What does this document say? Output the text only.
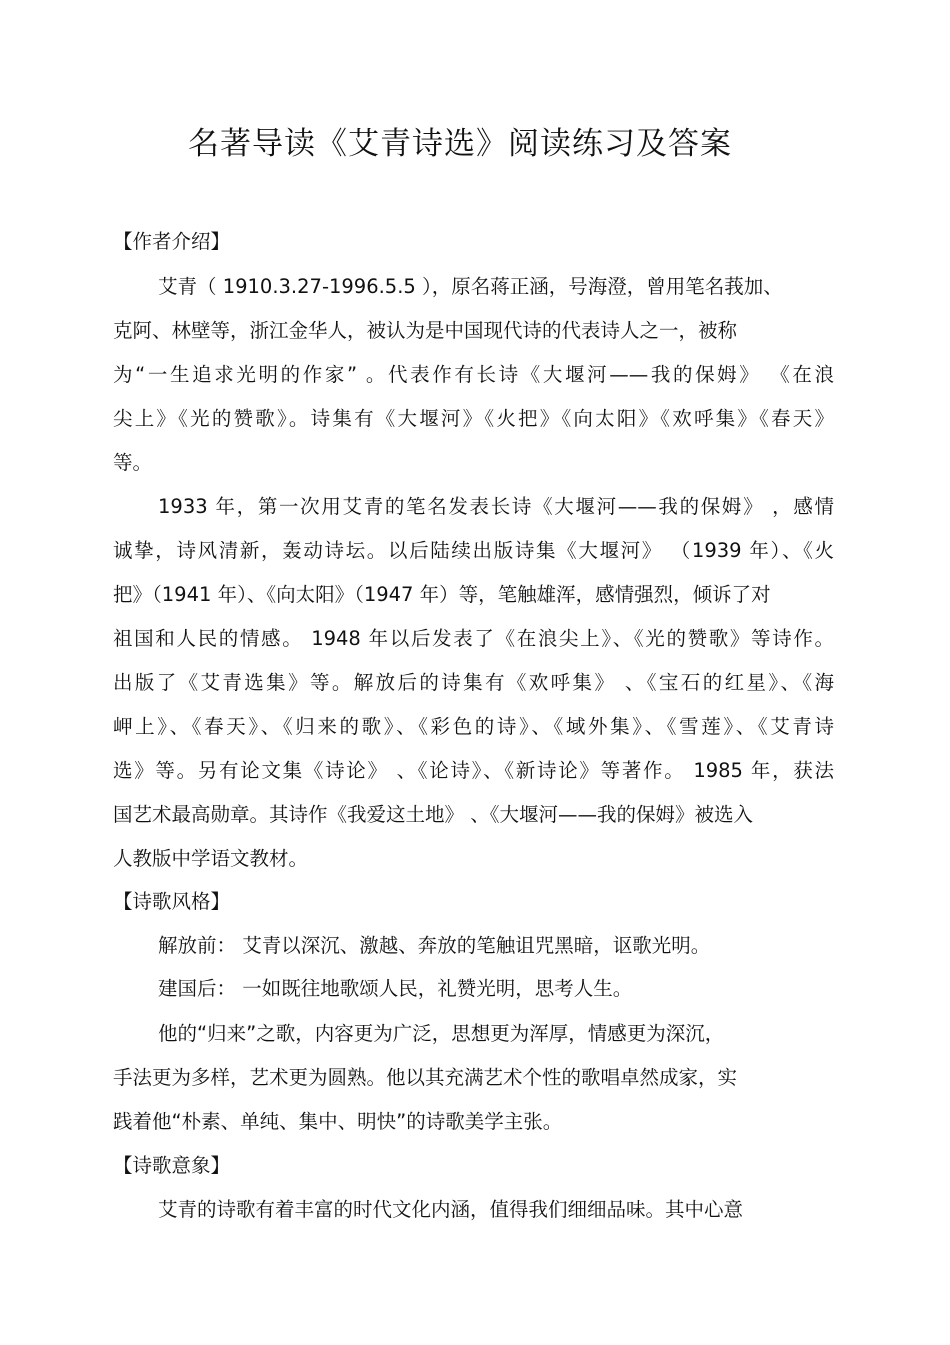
名著导读《艾青诗选》阅读练习及答案

【作者介绍】

艾青（ 1910.3.27-1996.5.5 ），原名蒋正涵，号海澄，曾用笔名莪加、

克阿、林壁等，浙江金华人，被认为是中国现代诗的代表诗人之一，被称

为“一生追求光明的作家” 。代表作有长诗《大堰河——我的保姆》 《在浪

尖上》《光的赞歌》。诗集有《大堰河》《火把》《向太阳》《欢呼集》《春天》

等。

1933 年，第一次用艾青的笔名发表长诗《大堰河——我的保姆》 ，感情

诚挚，诗风清新，轰动诗坛。以后陆续出版诗集《大堰河》 （1939 年）、《火

把》（1941 年）、《向太阳》（1947 年）等，笔触雄浑，感情强烈，倾诉了对

祖国和人民的情感。 1948 年以后发表了《在浪尖上》、《光的赞歌》等诗作。

出版了《艾青选集》等。解放后的诗集有《欢呼集》 、《宝石的红星》、《海

岬上》、《春天》、《归来的歌》、《彩色的诗》、《域外集》、《雪莲》、《艾青诗

选》等。另有论文集《诗论》 、《论诗》、《新诗论》等著作。 1985 年，获法

国艺术最高勋章。其诗作《我爱这土地》 、《大堰河——我的保姆》被选入

人教版中学语文教材。

【诗歌风格】

解放前： 艾青以深沉、激越、奔放的笔触诅咒黑暗，讴歌光明。

建国后： 一如既往地歌颂人民，礼赞光明，思考人生。

他的“归来”之歌，内容更为广泛，思想更为浑厚，情感更为深沉，

手法更为多样，艺术更为圆熟。他以其充满艺术个性的歌唱卓然成家，实

践着他“朴素、单纯、集中、明快”的诗歌美学主张。

【诗歌意象】

艾青的诗歌有着丰富的时代文化内涵，值得我们细细品味。其中心意
